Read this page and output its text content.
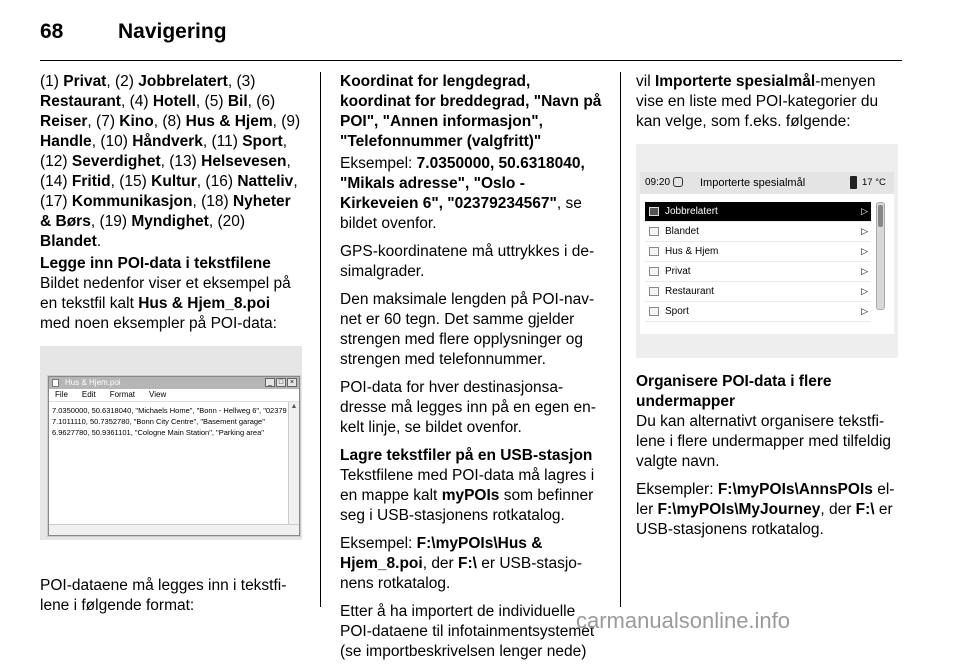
68	Navigering

(1) Privat, (2) Jobbrelatert, (3) Restaurant, (4) Hotell, (5) Bil, (6) Reiser, (7) Kino, (8) Hus & Hjem, (9) Handle, (10) Håndverk, (11) Sport, (12) Severdighet, (13) Helsevesen, (14) Fritid, (15) Kultur, (16) Natteliv, (17) Kommunikasjon, (18) Nyheter & Børs, (19) Myndighet, (20) Blandet.

Legge inn POI-data i tekstfilene

Bildet nedenfor viser et eksempel på en tekstfil kalt Hus & Hjem_8.poi med noen eksempler på POI-data:

Hus & Hjem.poi	_ □ ×
File Edit Format View
7.0350000, 50.6318040, "Michaels Home", "Bonn - Hellweg 6", "02379
7.1011110, 50.7352780, "Bonn City Centre", "Basement garage"
6.9627780, 50.9361101, "Cologne Main Station", "Parking area"
▲

POI-dataene må legges inn i tekstfi-lene i følgende format:

Koordinat for lengdegrad, koordinat for breddegrad, "Navn på POI", "Annen informasjon", "Telefonnummer (valgfritt)"

Eksempel: 7.0350000, 50.6318040, "Mikals adresse", "Oslo - Kirkeveien 6", "02379234567", se bildet ovenfor.

GPS-koordinatene må uttrykkes i de-simalgrader.

Den maksimale lengden på POI-nav-net er 60 tegn. Det samme gjelder strengen med flere opplysninger og strengen med telefonnummer.

POI-data for hver destinasjonsa-dresse må legges inn på en egen en-kelt linje, se bildet ovenfor.

Lagre tekstfiler på en USB-stasjon

Tekstfilene med POI-data må lagres i en mappe kalt myPOIs som befinner seg i USB-stasjonens rotkatalog.

Eksempel: F:\myPOIs\Hus & Hjem_8.poi, der F:\ er USB-stasjo-nens rotkatalog.

Etter å ha importert de individuelle POI-dataene til infotainmentsystemet (se importbeskrivelsen lenger nede)

vil Importerte spesialmål-menyen vise en liste med POI-kategorier du kan velge, som f.eks. følgende:

09:20	Importerte spesialmål	17 °C
Jobbrelatert	▷
Blandet	▷
Hus & Hjem	▷
Privat	▷
Restaurant	▷
Sport	▷
Organisere POI-data i flere undermapper

Du kan alternativt organisere tekstfi-lene i flere undermapper med tilfeldig valgte navn.

Eksempler: F:\myPOIs\AnnsPOIs el-ler F:\myPOIs\MyJourney, der F:\ er USB-stasjonens rotkatalog.

carmanualsonline.info
